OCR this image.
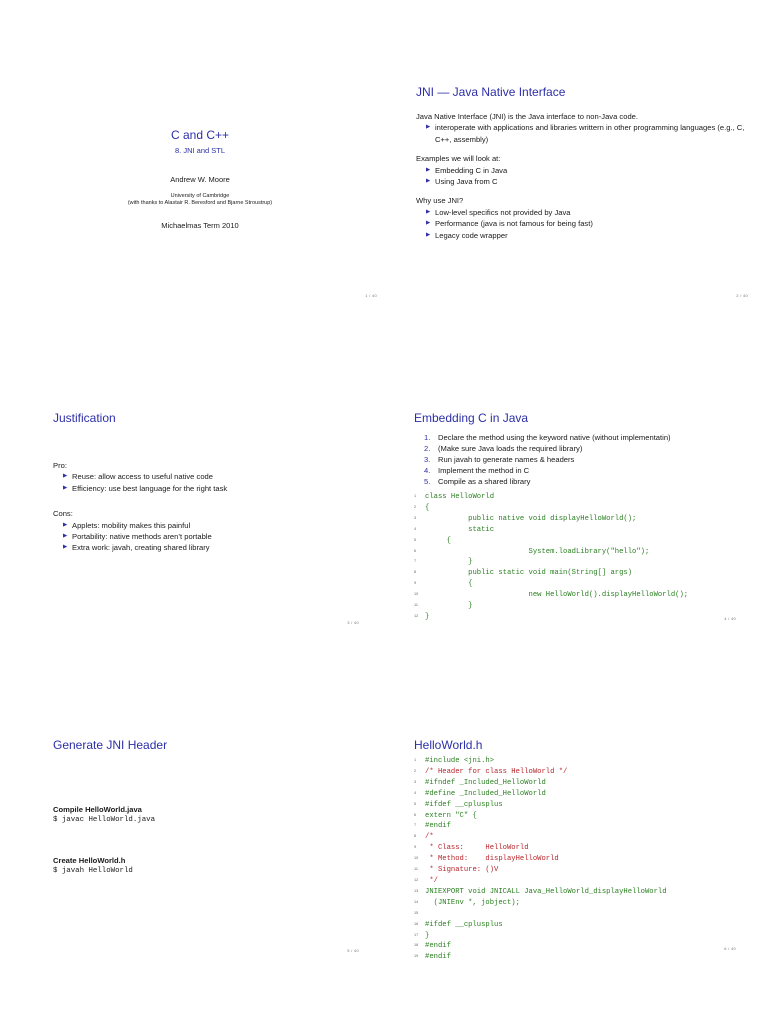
C and C++
8. JNI and STL
Andrew W. Moore
University of Cambridge
(with thanks to Alastair R. Beresford and Bjarne Stroustrup)
Michaelmas Term 2010
1 / 40
JNI — Java Native Interface
Java Native Interface (JNI) is the Java interface to non-Java code.
▶ interoperate with applications and libraries writtern in other programming languages (e.g., C, C++, assembly)
Examples we will look at:
▶ Embedding C in Java
▶ Using Java from C
Why use JNI?
▶ Low-level specifics not provided by Java
▶ Performance (java is not famous for being fast)
▶ Legacy code wrapper
2 / 40
Justification
Pro:
▶ Reuse: allow access to useful native code
▶ Efficiency: use best language for the right task
Cons:
▶ Applets: mobility makes this painful
▶ Portability: native methods aren’t portable
▶ Extra work: javah, creating shared library
3 / 40
Embedding C in Java
1. Declare the method using the keyword native (without implementatin)
2. (Make sure Java loads the required library)
3. Run javah to generate names & headers
4. Implement the method in C
5. Compile as a shared library
1 class HelloWorld
2 {
3          public native void displayHelloWorld();
4          static
5     {
6                        System.loadLibrary("hello");
7          }
8          public static void main(String[] args)
9          {
10                        new HelloWorld().displayHelloWorld();
11          }
12 }	4 / 40
Generate JNI Header
Compile HelloWorld.java
$ javac HelloWorld.java
Create HelloWorld.h
$ javah HelloWorld
5 / 40
HelloWorld.h
1 #include <jni.h>
2 /* Header for class HelloWorld */
3 #ifndef _Included_HelloWorld
4 #define _Included_HelloWorld
5 #ifdef __cplusplus
6 extern "C" {
7 #endif
8 /*
9 * Class:     HelloWorld
10 * Method:    displayHelloWorld
11 * Signature: ()V
12 */
13 JNIEXPORT void JNICALL Java_HelloWorld_displayHelloWorld
14  (JNIEnv *, jobject);
15
16 #ifdef __cplusplus
17 }
18 #endif
19 #endif
6 / 40
